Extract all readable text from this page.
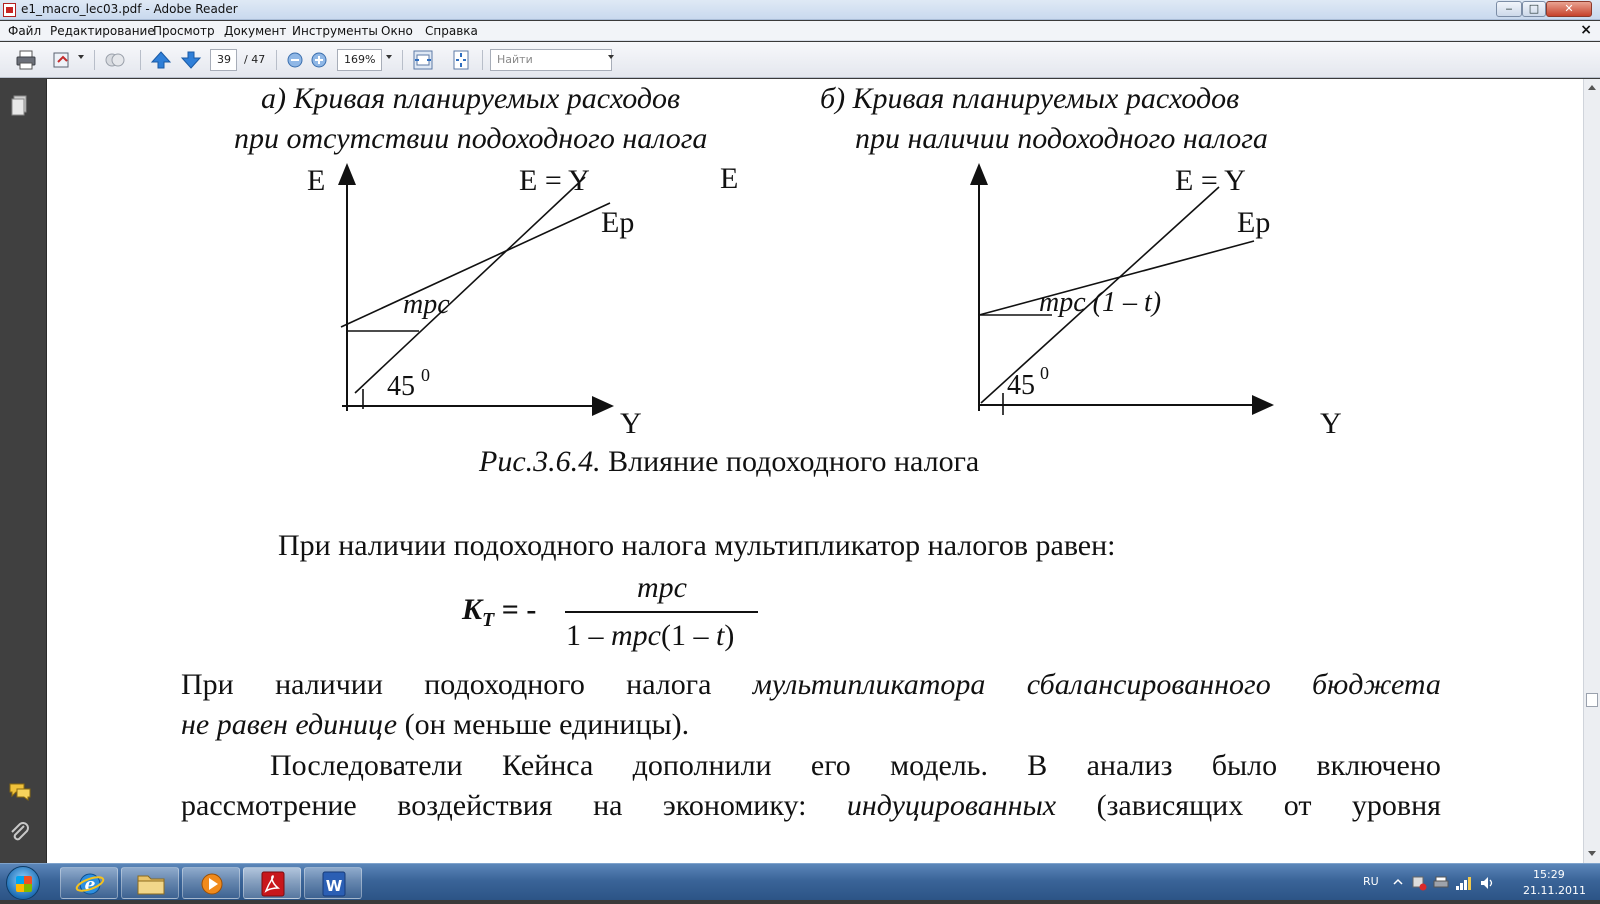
e1_macro_lec03.pdf - Adobe Reader	‒	□	✕
Файл Редактирование
Просмотр Документ Инструменты Окно Справка	×
39	/ 47	169%	Найти
а) Кривая планируемых расходов
при отсутствии подоходного налога
б) Кривая планируемых расходов
при наличии подоходного налога
E
Y
E = Y
Ep
mpc
45 0
E
Y
E = Y
Ep
mpc (1 – t)
45 0
Рис.3.6.4. Влияние подоходного налога
При наличии подоходного налога мультипликатор налогов равен:
$K_T$ = -
mpc
1 – mpc(1 – t)
При наличии подоходного налога мультипликатора сбалансированного бюджета
не равен единице (он меньше единицы).
Последователи Кейнса дополнили его модель. В анализ было включено
рассмотрение воздействия на экономику: индуцированных (зависящих от уровня
e	W	RU
15:29
21.11.2011
